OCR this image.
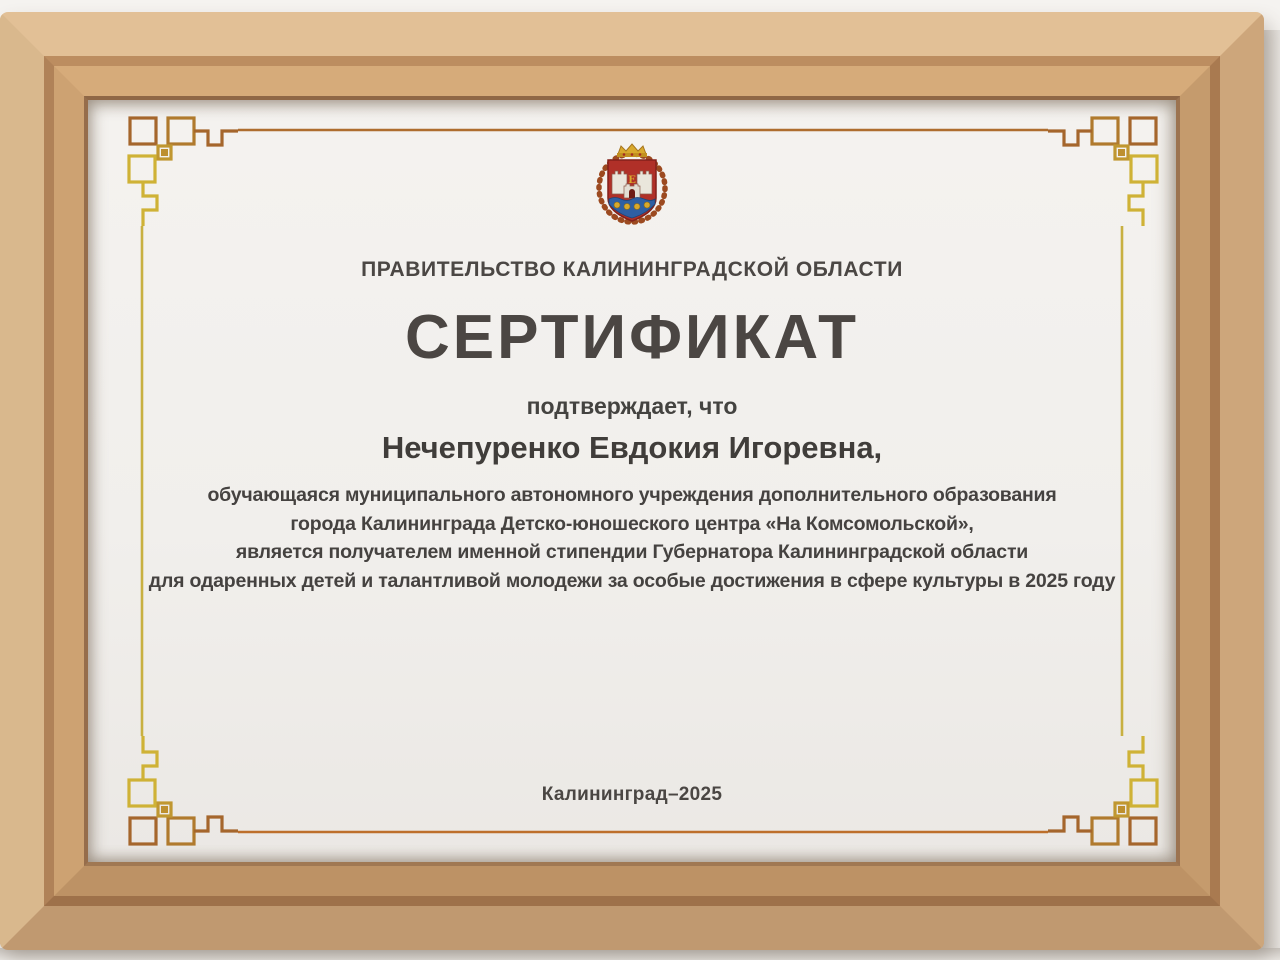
Е
ПРАВИТЕЛЬСТВО КАЛИНИНГРАДСКОЙ ОБЛАСТИ
СЕРТИФИКАТ
подтверждает, что
Нечепуренко Евдокия Игоревна,
обучающаяся муниципального автономного учреждения дополнительного образования
города Калининграда Детско-юношеского центра «На Комсомольской»,
является получателем именной стипендии Губернатора Калининградской области
для одаренных детей и талантливой молодежи за особые достижения в сфере культуры в 2025 году
Калининград–2025
